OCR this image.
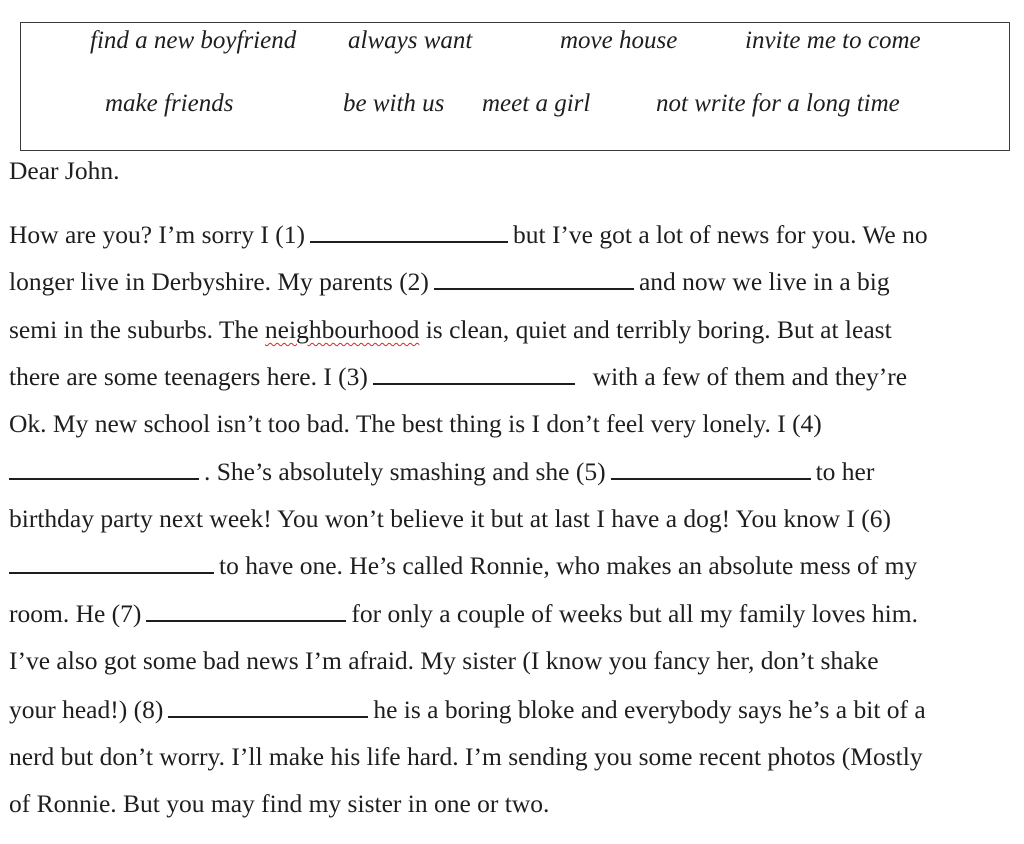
find a new boyfriend always want	move house	invite me to come
make friends	be with us meet a girl	not write for a long time
Dear John.
How are you? I’m sorry I (1)	but I’ve got a lot of news for you. We no
longer live in Derbyshire. My parents (2)	and now we live in a big
semi in the suburbs. The neighbourhood is clean, quiet and terribly boring. But at least
there are some teenagers here. I (3)	with a few of them and they’re
Ok. My new school isn’t too bad. The best thing is I don’t feel very lonely. I (4)
. She’s absolutely smashing and she (5)	to her
birthday party next week! You won’t believe it but at last I have a dog! You know I (6)
to have one. He’s called Ronnie, who makes an absolute mess of my
room. He (7)	for only a couple of weeks but all my family loves him.
I’ve also got some bad news I’m afraid. My sister (I know you fancy her, don’t shake
your head!) (8)	he is a boring bloke and everybody says he’s a bit of a
nerd but don’t worry. I’ll make his life hard. I’m sending you some recent photos (Mostly
of Ronnie. But you may find my sister in one or two.
